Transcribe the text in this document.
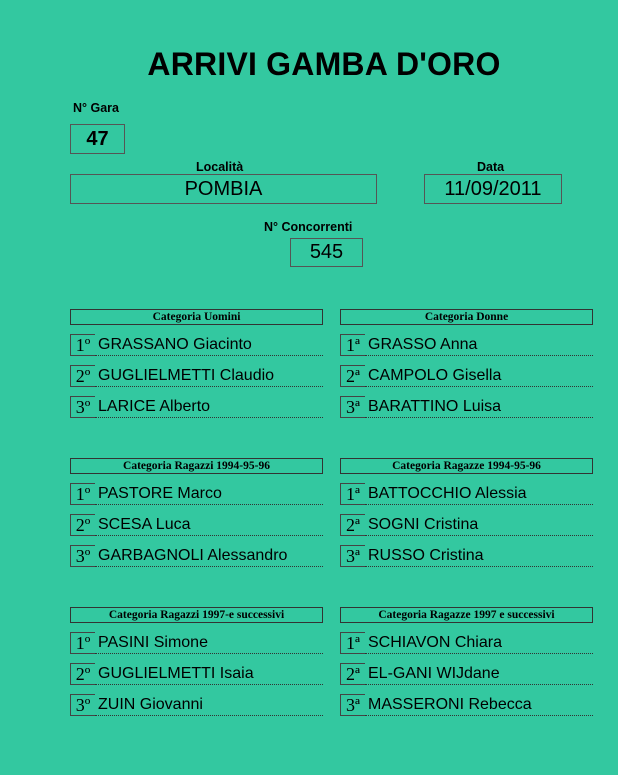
ARRIVI GAMBA D'ORO
N° Gara
47
Località
POMBIA
Data
11/09/2011
N° Concorrenti
545
Categoria Uomini
1º GRASSANO Giacinto
2º GUGLIELMETTI Claudio
3º LARICE Alberto
Categoria Donne
1ª GRASSO Anna
2ª CAMPOLO Gisella
3ª BARATTINO Luisa
Categoria Ragazzi 1994-95-96
1º PASTORE Marco
2º SCESA Luca
3º GARBAGNOLI Alessandro
Categoria Ragazze 1994-95-96
1ª BATTOCCHIO Alessia
2ª SOGNI Cristina
3ª RUSSO Cristina
Categoria Ragazzi 1997-e successivi
1º PASINI Simone
2º GUGLIELMETTI Isaia
3º ZUIN Giovanni
Categoria Ragazze 1997 e successivi
1ª SCHIAVON Chiara
2ª EL-GANI WIJdane
3ª MASSERONI Rebecca
